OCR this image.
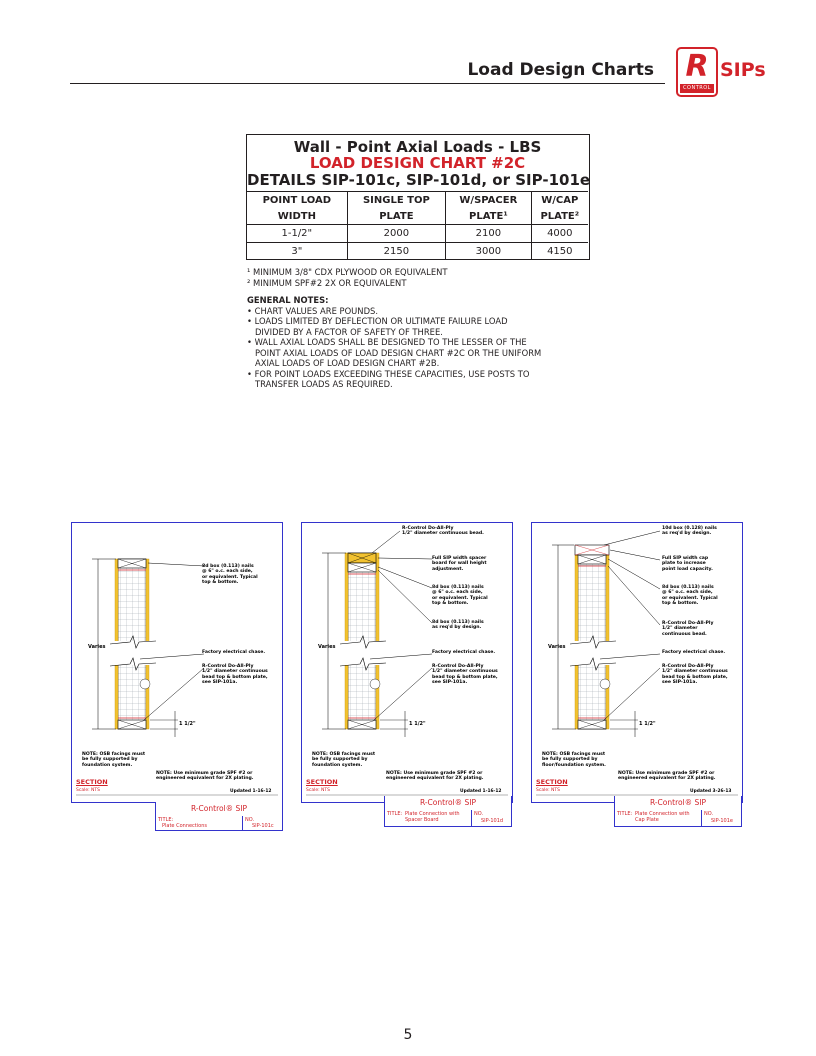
Load Design Charts R
CONTROL
SIPs
Wall - Point Axial Loads - LBS
LOAD DESIGN CHART #2C
DETAILS SIP-101c, SIP-101d, or SIP-101e
POINT LOAD	SINGLE TOP	W/SPACER	W/CAP
WIDTH	PLATE	PLATE¹	PLATE²
1-1/2"	2000	2100	4000
3"	2150	3000	4150
¹ MINIMUM 3/8" CDX PLYWOOD OR EQUIVALENT
² MINIMUM SPF#2 2X OR EQUIVALENT
GENERAL NOTES:
• CHART VALUES ARE POUNDS.
• LOADS LIMITED BY DEFLECTION OR ULTIMATE FAILURE LOAD
DIVIDED BY A FACTOR OF SAFETY OF THREE.
• WALL AXIAL LOADS SHALL BE DESIGNED TO THE LESSER OF THE
POINT AXIAL LOADS OF LOAD DESIGN CHART #2C OR THE UNIFORM
AXIAL LOADS OF LOAD DESIGN CHART #2B.
• FOR POINT LOADS EXCEEDING THESE CAPACITIES, USE POSTS TO
TRANSFER LOADS AS REQUIRED.
Varies
1 1/2"
8d box (0.113) nails
@ 6" o.c. each side,
or equivalent. Typical
top & bottom.
Factory electrical chase.
R-Control Do-All-Ply
1/2" diameter continuous
bead top & bottom plate,
see SIP-101a.
NOTE: OSB facings must
be fully supported by
foundation system.
NOTE: Use minimum grade SPF #2 or
engineered equivalent for 2X plating.
SECTION
Scale: NTS	Updated 1-16-12
R-Control® SIP
TITLE:
Plate Connections
NO.
SIP-101c
Varies
1 1/2"
R-Control Do-All-Ply
1/2" diameter continuous bead.
Full SIP width spacer
board for wall height
adjustment.
8d box (0.113) nails
@ 6" o.c. each side,
or equivalent. Typical
top & bottom.
8d box (0.113) nails
as req'd by design.
Factory electrical chase.
R-Control Do-All-Ply
1/2" diameter continuous
bead top & bottom plate,
see SIP-101a.
NOTE: OSB facings must
be fully supported by
foundation system.
NOTE: Use minimum grade SPF #2 or
engineered equivalent for 2X plating.
SECTION
Scale: NTS	Updated 1-16-12
R-Control® SIP
TITLE: Plate Connection with
Spacer Board
NO.
SIP-101d
Varies
1 1/2"
10d box (0.128) nails
as req'd by design.
Full SIP width cap
plate to increase
point load capacity.
8d box (0.113) nails
@ 6" o.c. each side,
or equivalent. Typical
top & bottom.
R-Control Do-All-Ply
1/2" diameter
continuous bead.
Factory electrical chase.
R-Control Do-All-Ply
1/2" diameter continuous
bead top & bottom plate,
see SIP-101a.
NOTE: OSB facings must
be fully supported by
floor/foundation system.
NOTE: Use minimum grade SPF #2 or
engineered equivalent for 2X plating.
SECTION
Scale: NTS	Updated 3-26-13
R-Control® SIP
TITLE: Plate Connection with
Cap Plate
NO.
SIP-101e
5
